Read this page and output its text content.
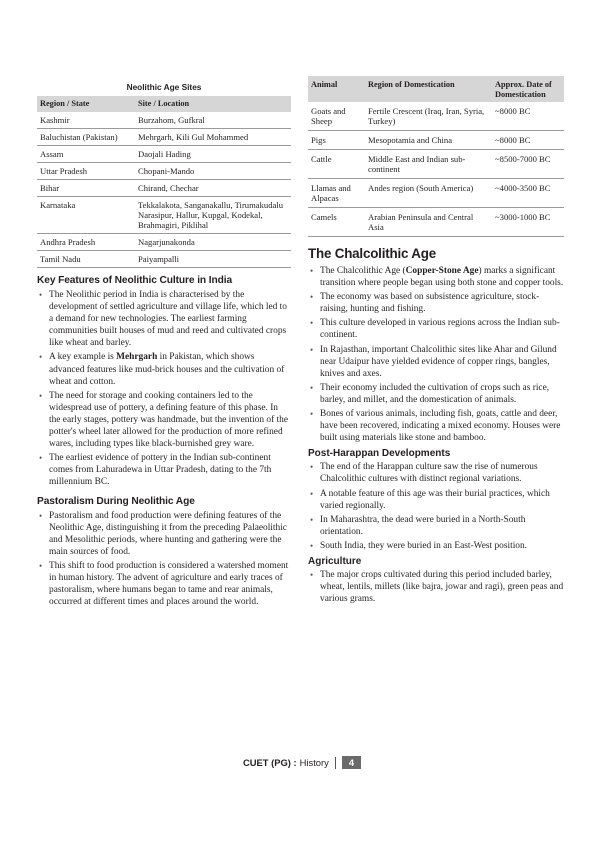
Neolithic Age Sites
Region / State	Site / Location
Kashmir	Burzahom, Gufkral
Baluchistan (Pakistan)	Mehrgarh, Kili Gul Mohammed
Assam	Daojali Hading
Uttar Pradesh	Chopani-Mando
Bihar	Chirand, Chechar
Karnataka	Tekkalakota, Sanganakallu, Tirumakudalu Narasipur, Hallur, Kupgal, Kodekal, Brahmagiri, Piklihal
Andhra Pradesh	Nagarjunakonda
Tamil Nadu	Paiyampalli
Key Features of Neolithic Culture in India
• The Neolithic period in India is characterised by the development of settled agriculture and village life, which led to a demand for new technologies. The earliest farming communities built houses of mud and reed and cultivated crops like wheat and barley.
• A key example is Mehrgarh in Pakistan, which shows advanced features like mud-brick houses and the cultivation of wheat and cotton.
• The need for storage and cooking containers led to the widespread use of pottery, a defining feature of this phase. In the early stages, pottery was handmade, but the invention of the potter's wheel later allowed for the production of more refined wares, including types like black-burnished grey ware.
• The earliest evidence of pottery in the Indian sub-continent comes from Lahuradewa in Uttar Pradesh, dating to the 7th millennium BC.
Pastoralism During Neolithic Age
• Pastoralism and food production were defining features of the Neolithic Age, distinguishing it from the preceding Palaeolithic and Mesolithic periods, where hunting and gathering were the main sources of food.
• This shift to food production is considered a watershed moment in human history. The advent of agriculture and early traces of pastoralism, where humans began to tame and rear animals, occurred at different times and places around the world.
Animal	Region of Domestication	Approx. Date of Domestication
Goats and Sheep	Fertile Crescent (Iraq, Iran, Syria, Turkey)	~8000 BC
Pigs	Mesopotamia and China	~8000 BC
Cattle	Middle East and Indian sub-continent	~8500-7000 BC
Llamas and Alpacas	Andes region (South America)	~4000-3500 BC
Camels	Arabian Peninsula and Central Asia	~3000-1000 BC
The Chalcolithic Age
• The Chalcolithic Age (Copper-Stone Age) marks a significant transition where people began using both stone and copper tools.
• The economy was based on subsistence agriculture, stock-raising, hunting and fishing.
• This culture developed in various regions across the Indian sub-continent.
• In Rajasthan, important Chalcolithic sites like Ahar and Gilund near Udaipur have yielded evidence of copper rings, bangles, knives and axes.
• Their economy included the cultivation of crops such as rice, barley, and millet, and the domestication of animals.
• Bones of various animals, including fish, goats, cattle and deer, have been recovered, indicating a mixed economy. Houses were built using materials like stone and bamboo.
Post-Harappan Developments
• The end of the Harappan culture saw the rise of numerous Chalcolithic cultures with distinct regional variations.
• A notable feature of this age was their burial practices, which varied regionally.
• In Maharashtra, the dead were buried in a North-South orientation.
• South India, they were buried in an East-West position.
Agriculture
• The major crops cultivated during this period included barley, wheat, lentils, millets (like bajra, jowar and ragi), green peas and various grams.
CUET (PG) : History	4
